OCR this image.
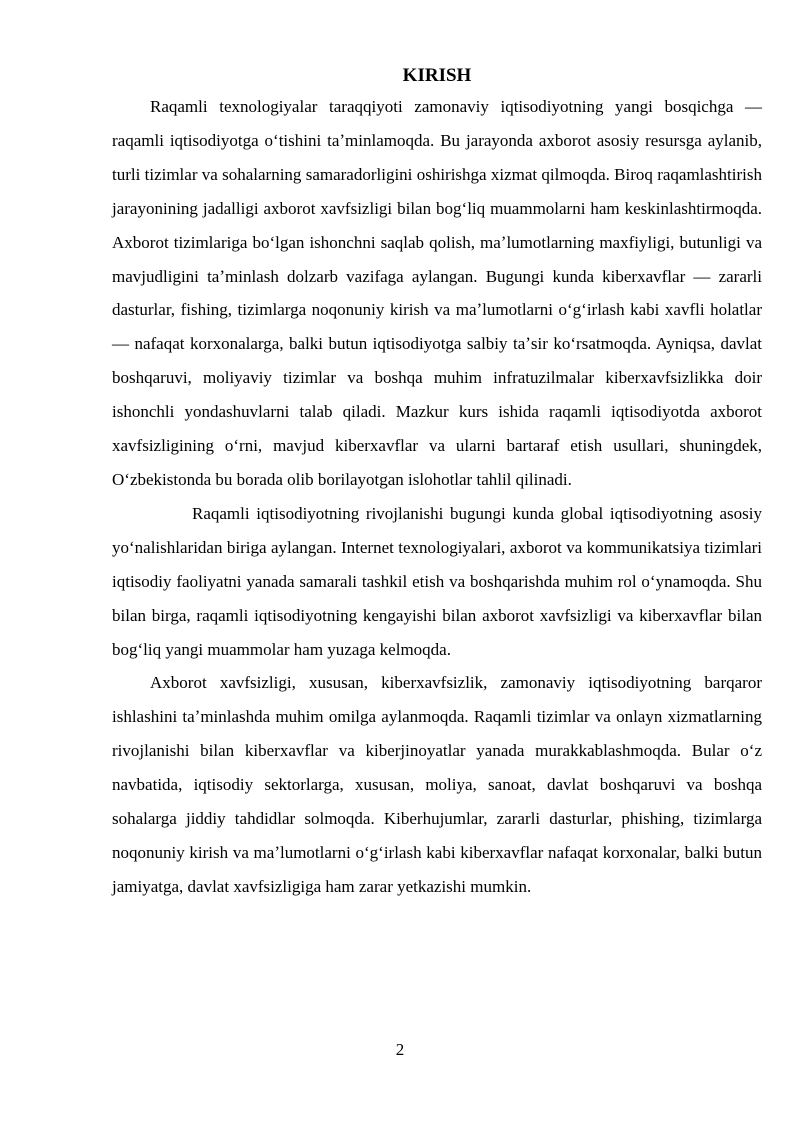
KIRISH

Raqamli texnologiyalar taraqqiyoti zamonaviy iqtisodiyotning yangi bosqichga — raqamli iqtisodiyotga oʻtishini taʼminlamoqda. Bu jarayonda axborot asosiy resursga aylanib, turli tizimlar va sohalarning samaradorligini oshirishga xizmat qilmoqda. Biroq raqamlashtirish jarayonining jadalligi axborot xavfsizligi bilan bogʻliq muammolarni ham keskinlashtirmoqda. Axborot tizimlariga boʻlgan ishonchni saqlab qolish, maʼlumotlarning maxfiyligi, butunligi va mavjudligini taʼminlash dolzarb vazifaga aylangan. Bugungi kunda kiberxavflar — zararli dasturlar, fishing, tizimlarga noqonuniy kirish va maʼlumotlarni oʻgʻirlash kabi xavfli holatlar — nafaqat korxonalarga, balki butun iqtisodiyotga salbiy taʼsir koʻrsatmoqda. Ayniqsa, davlat boshqaruvi, moliyaviy tizimlar va boshqa muhim infratuzilmalar kiberxavfsizlikka doir ishonchli yondashuvlarni talab qiladi. Mazkur kurs ishida raqamli iqtisodiyotda axborot xavfsizligining oʻrni, mavjud kiberxavflar va ularni bartaraf etish usullari, shuningdek, Oʻzbekistonda bu borada olib borilayotgan islohotlar tahlil qilinadi.

Raqamli iqtisodiyotning rivojlanishi bugungi kunda global iqtisodiyotning asosiy yoʻnalishlaridan biriga aylangan. Internet texnologiyalari, axborot va kommunikatsiya tizimlari iqtisodiy faoliyatni yanada samarali tashkil etish va boshqarishda muhim rol oʻynamoqda. Shu bilan birga, raqamli iqtisodiyotning kengayishi bilan axborot xavfsizligi va kiberxavflar bilan bogʻliq yangi muammolar ham yuzaga kelmoqda.

Axborot xavfsizligi, xususan, kiberxavfsizlik, zamonaviy iqtisodiyotning barqaror ishlashini taʼminlashda muhim omilga aylanmoqda. Raqamli tizimlar va onlayn xizmatlarning rivojlanishi bilan kiberxavflar va kiberjinoyatlar yanada murakkablashmoqda. Bular oʻz navbatida, iqtisodiy sektorlarga, xususan, moliya, sanoat, davlat boshqaruvi va boshqa sohalarga jiddiy tahdidlar solmoqda. Kiberhujumlar, zararli dasturlar, phishing, tizimlarga noqonuniy kirish va maʼlumotlarni oʻgʻirlash kabi kiberxavflar nafaqat korxonalar, balki butun jamiyatga, davlat xavfsizligiga ham zarar yetkazishi mumkin.

2
